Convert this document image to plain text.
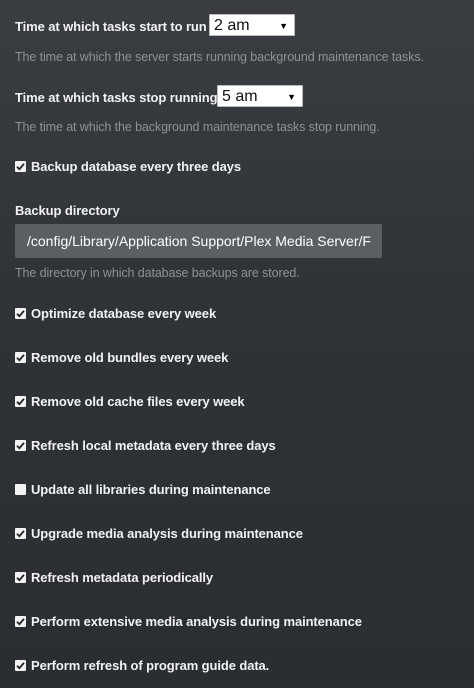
Time at which tasks start to run 2 am	▼
The time at which the server starts running background maintenance tasks.
Time at which tasks stop running 5 am	▼
The time at which the background maintenance tasks stop running.
Backup database every three days
Backup directory
/config/Library/Application Support/Plex Media Server/F
The directory in which database backups are stored.
Optimize database every week
Remove old bundles every week
Remove old cache files every week
Refresh local metadata every three days
Update all libraries during maintenance
Upgrade media analysis during maintenance
Refresh metadata periodically
Perform extensive media analysis during maintenance
Perform refresh of program guide data.
